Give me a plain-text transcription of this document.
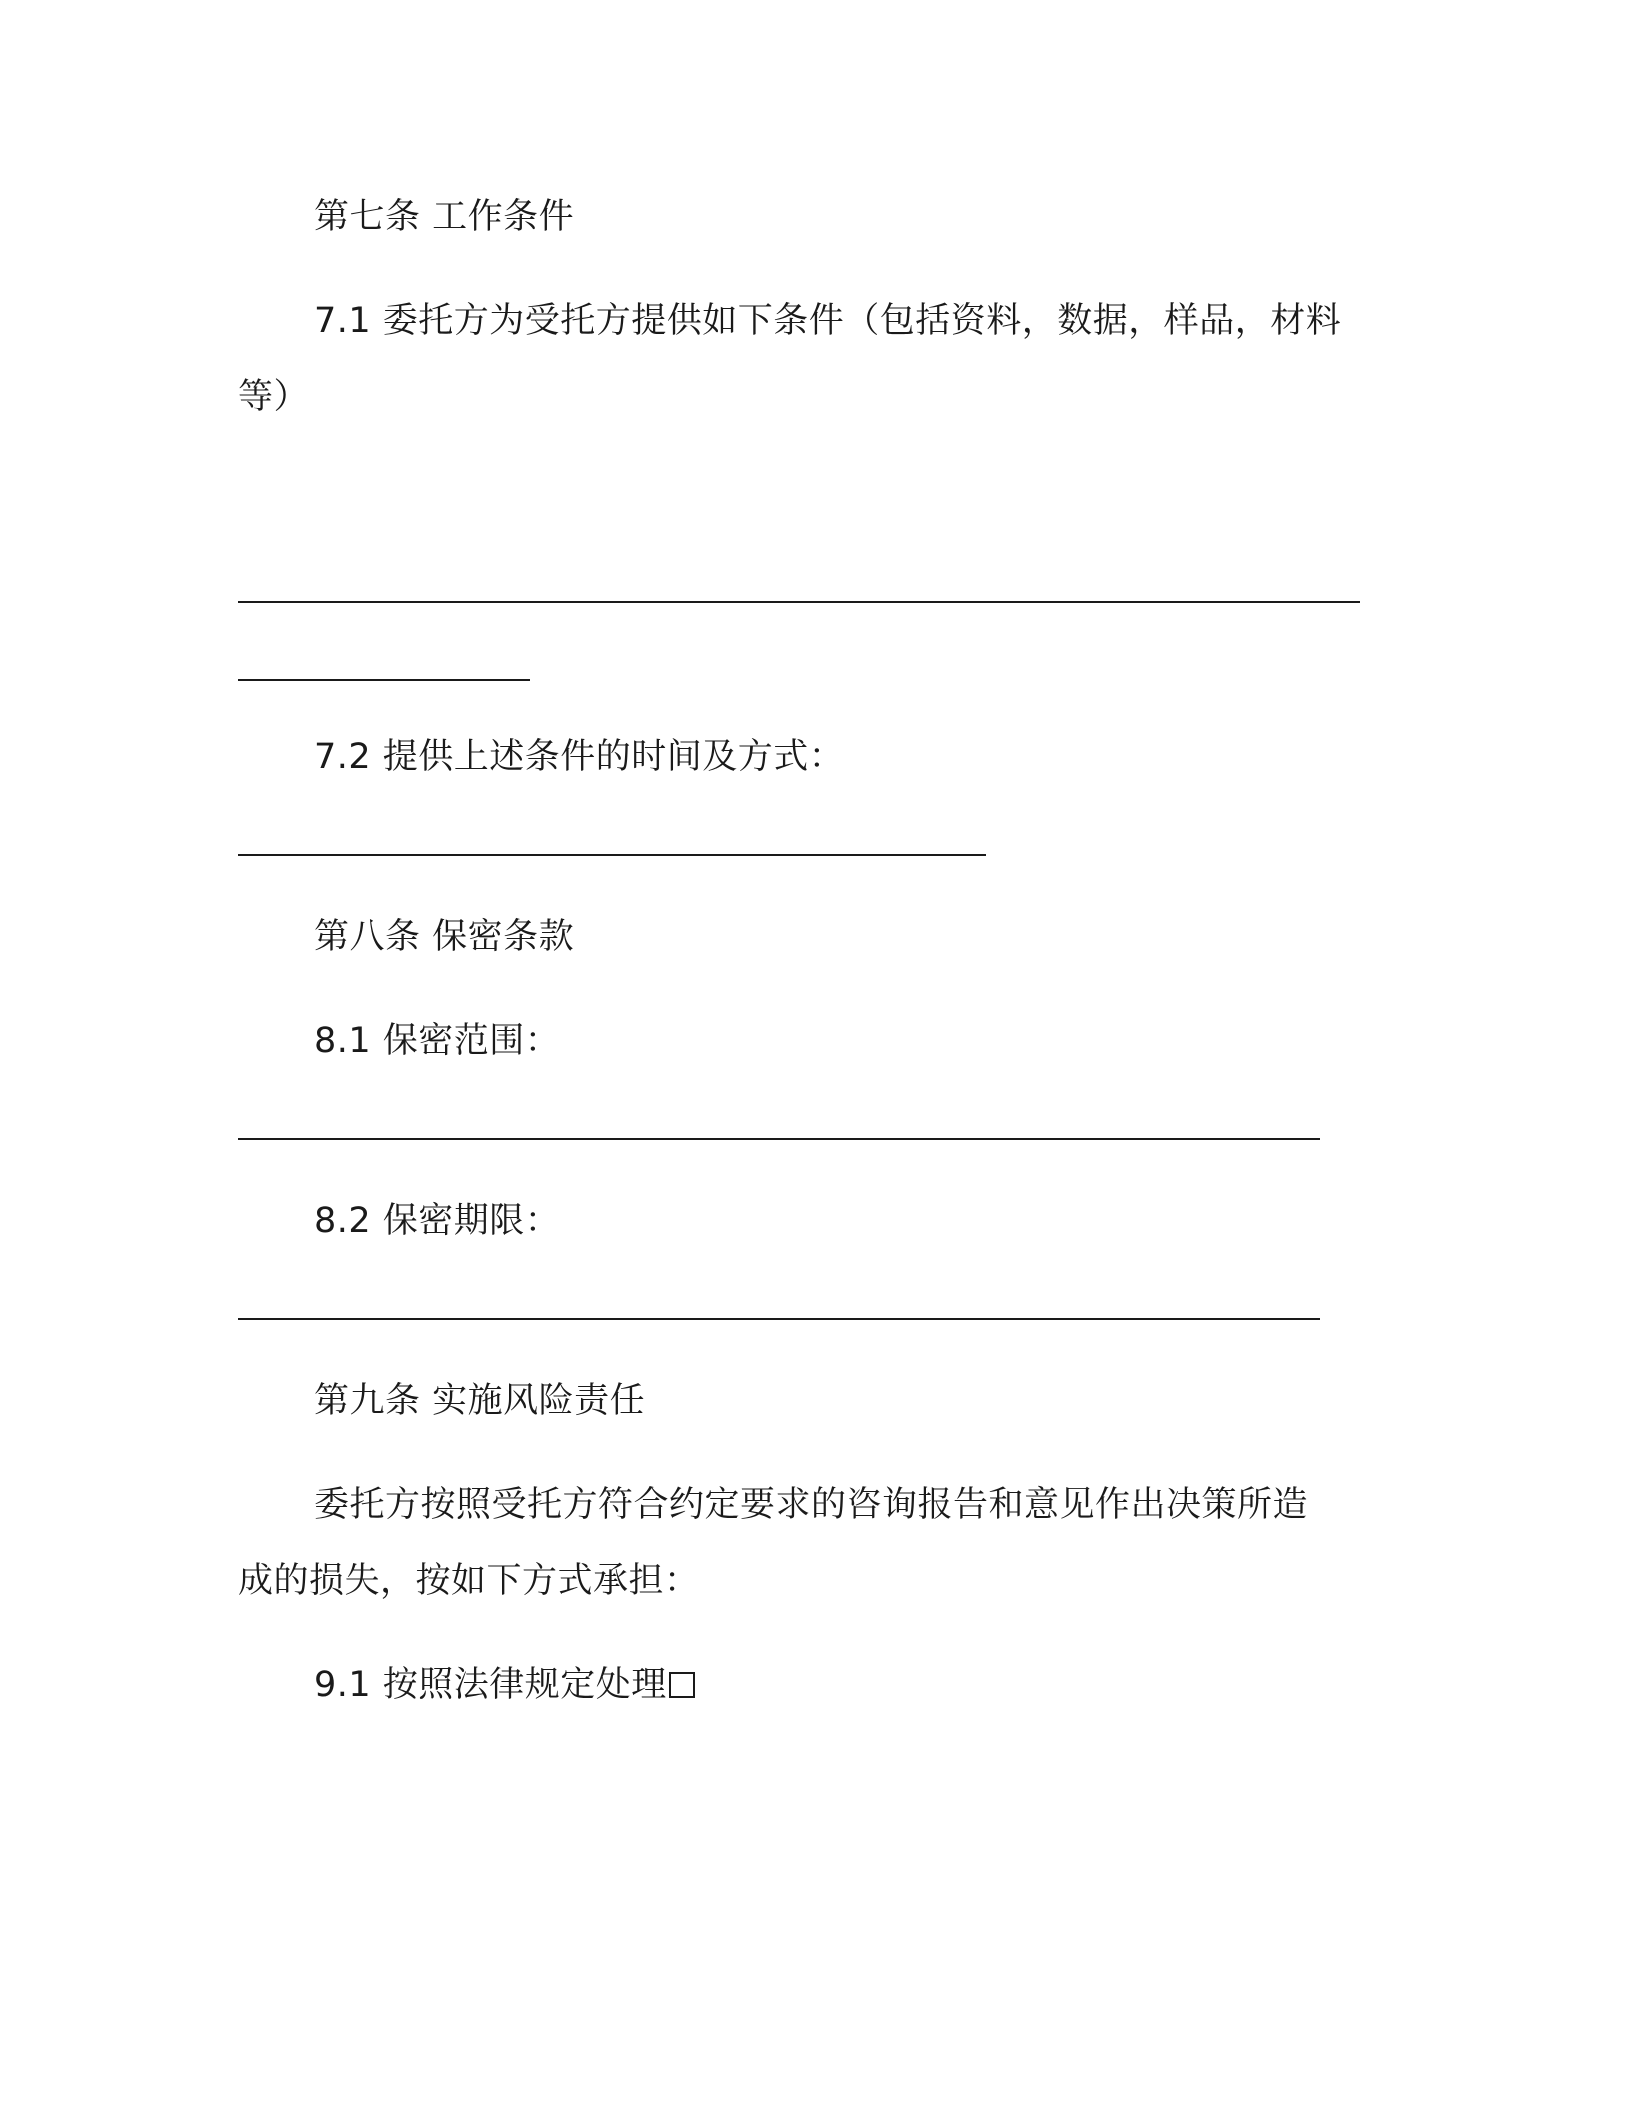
第七条 工作条件
7.1 委托方为受托方提供如下条件（包括资料，数据，样品，材料
等）
7.2 提供上述条件的时间及方式：
第八条 保密条款
8.1 保密范围：
8.2 保密期限：
第九条 实施风险责任
委托方按照受托方符合约定要求的咨询报告和意见作出决策所造
成的损失，按如下方式承担：
9.1 按照法律规定处理
